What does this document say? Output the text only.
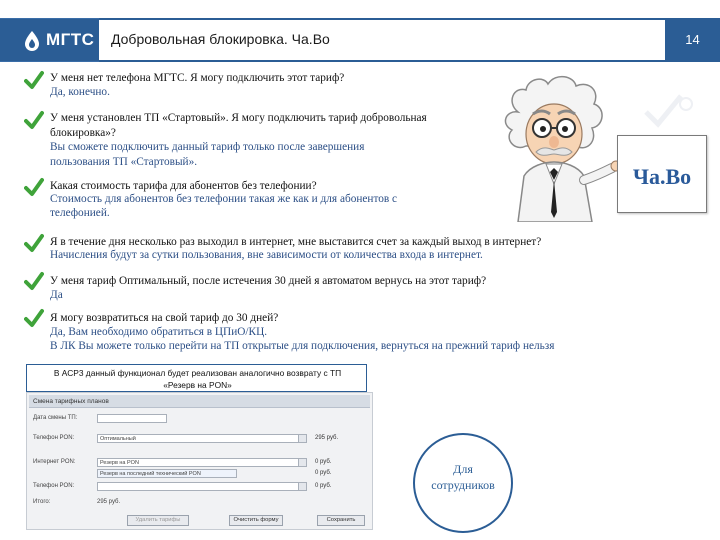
МГТС Добровольная блокировка. Ча.Во	14
У меня нет телефона МГТС. Я могу подключить этот тариф?
Да, конечно.
У меня установлен ТП «Стартовый». Я могу подключить тариф добровольная
блокировка»?
Вы сможете подключить данный тариф только после завершения
пользования ТП «Стартовый».
Какая стоимость тарифа для абонентов без телефонии?
Стоимость для абонентов без телефонии такая же как и для абонентов с
телефонией.
Я в течение дня несколько раз выходил в интернет, мне выставится счет за каждый выход в интернет?
Начисления будут за сутки пользования, вне зависимости от количества входа в интернет.
У меня тариф Оптимальный, после истечения 30 дней я автоматом вернусь на этот тариф?
Да
Я могу возвратиться на свой тариф до 30 дней?
Да, Вам необходимо обратиться в ЦПиО/КЦ.
В ЛК Вы можете только перейти на ТП открытые для подключения, вернуться на прежний тариф нельзя
Ча.Во
В АСР3 данный функционал будет реализован аналогично возврату с ТП
«Резерв на PON»
Смена тарифных планов
Дата смены ТП:
Телефон PON:	Оптимальный	295 руб.
Интернет PON:	Резерв на PON	0 руб.
Резерв на последний технический PON	0 руб.
Телефон PON:	0 руб.
Итого:	295 руб.
Удалить тарифы	Очистить форму	Сохранить
Для
сотрудников
